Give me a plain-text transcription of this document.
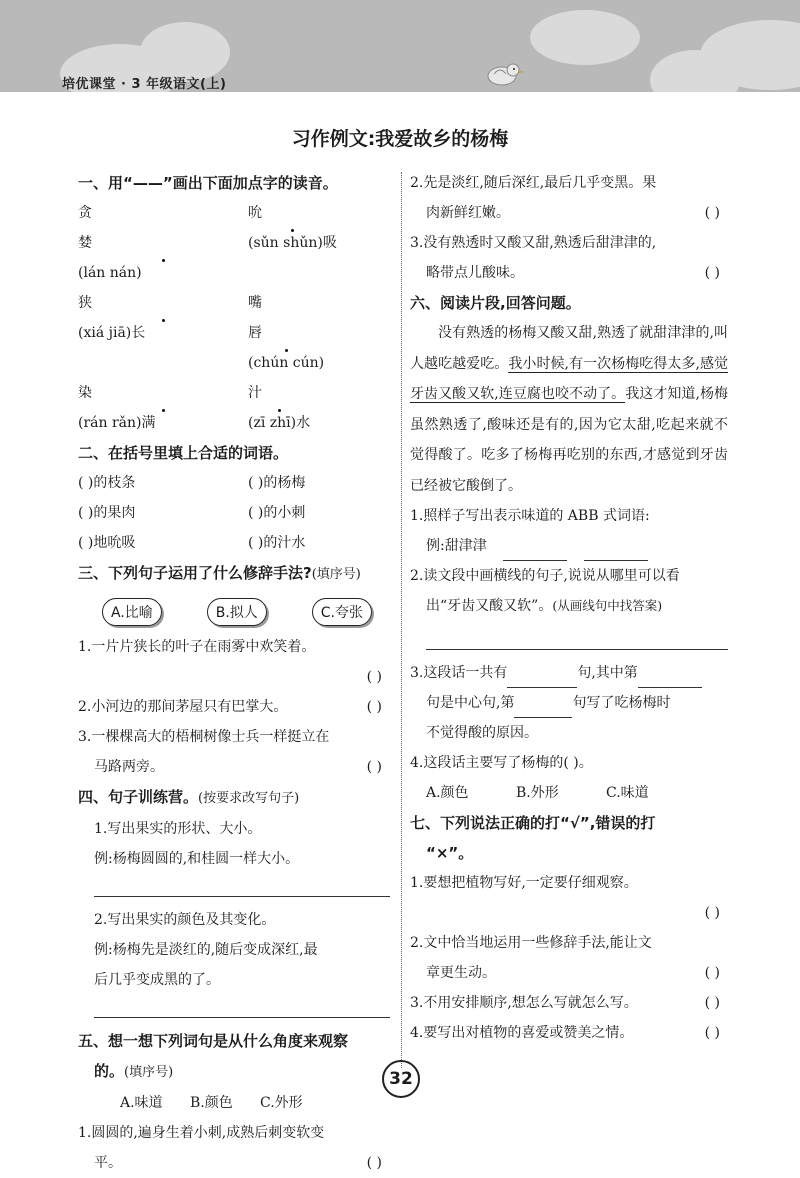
培优课堂 · 3 年级语文(上)
习作例文:我爱故乡的杨梅
一、用“——”画出下面加点字的读音。
贪
婪
(lán nán)
吮
(sǔn shǔn)吸
狭
(xiá jiā)长
嘴
唇
(chún cún)
染
(rán rǎn)满
汁
(zī zhī)水
二、在括号里填上合适的词语。
( )的枝条	( )的杨梅
( )的果肉	( )的小刺
( )地吮吸	( )的汁水
三、下列句子运用了什么修辞手法?(填序号)
A.比喻	B.拟人	C.夸张
1.一片片狭长的叶子在雨雾中欢笑着。
( )
2.小河边的那间茅屋只有巴掌大。	( )
3.一棵棵高大的梧桐树像士兵一样挺立在
马路两旁。	( )
四、句子训练营。(按要求改写句子)
1.写出果实的形状、大小。
例:杨梅圆圆的,和桂圆一样大小。
2.写出果实的颜色及其变化。
例:杨梅先是淡红的,随后变成深红,最
后几乎变成黑的了。
五、想一想下列词句是从什么角度来观察
的。(填序号)
A.味道	B.颜色	C.外形
1.圆圆的,遍身生着小刺,成熟后刺变软变
平。	( )
2.先是淡红,随后深红,最后几乎变黑。果
肉新鲜红嫩。	( )
3.没有熟透时又酸又甜,熟透后甜津津的,
略带点儿酸味。	( )
六、阅读片段,回答问题。
没有熟透的杨梅又酸又甜,熟透了就甜津津的,叫人越吃越爱吃。我小时候,有一次杨梅吃得太多,感觉牙齿又酸又软,连豆腐也咬不动了。我这才知道,杨梅虽然熟透了,酸味还是有的,因为它太甜,吃起来就不觉得酸了。吃多了杨梅再吃别的东西,才感觉到牙齿已经被它酸倒了。
1.照样子写出表示味道的 ABB 式词语:
例:甜津津
2.读文段中画横线的句子,说说从哪里可以看
出“牙齿又酸又软”。(从画线句中找答案)
3.这段话一共有	句,其中第
句是中心句,第	句写了吃杨梅时
不觉得酸的原因。
4.这段话主要写了杨梅的( )。
A.颜色	B.外形	C.味道
七、下列说法正确的打“√”,错误的打
“×”。
1.要想把植物写好,一定要仔细观察。
( )
2.文中恰当地运用一些修辞手法,能让文
章更生动。	( )
3.不用安排顺序,想怎么写就怎么写。	( )
4.要写出对植物的喜爱或赞美之情。	( )
32
